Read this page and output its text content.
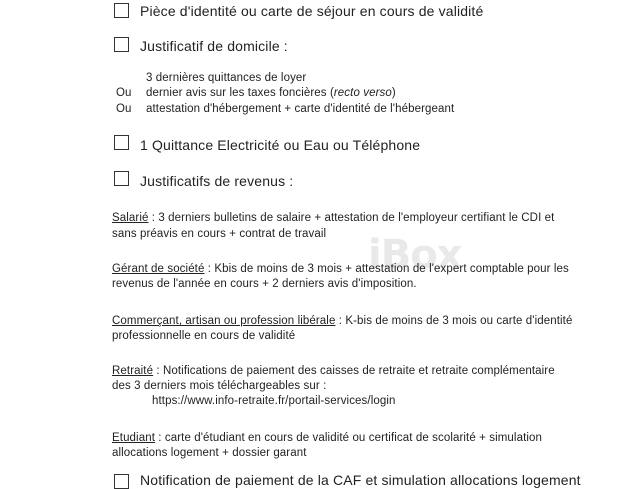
iBox
Pièce d'identité ou carte de séjour en cours de validité
Justificatif de domicile :
3 dernières quittances de loyer
Ou dernier avis sur les taxes foncières (recto verso)
Ou attestation d'hébergement + carte d'identité de l'hébergeant
1 Quittance Electricité ou Eau ou Téléphone
Justificatifs de revenus :
Salarié : 3 derniers bulletins de salaire + attestation de l'employeur certifiant le CDI et
sans préavis en cours + contrat de travail
Gérant de société : Kbis de moins de 3 mois + attestation de l'expert comptable pour les
revenus de l'année en cours + 2 derniers avis d'imposition.
Commerçant, artisan ou profession libérale : K-bis de moins de 3 mois ou carte d'identité
professionnelle en cours de validité
Retraité : Notifications de paiement des caisses de retraite et retraite complémentaire
des 3 derniers mois téléchargeables sur :
https://www.info-retraite.fr/portail-services/login
Etudiant : carte d'étudiant en cours de validité ou certificat de scolarité + simulation
allocations logement + dossier garant
Notification de paiement de la CAF et simulation allocations logement
